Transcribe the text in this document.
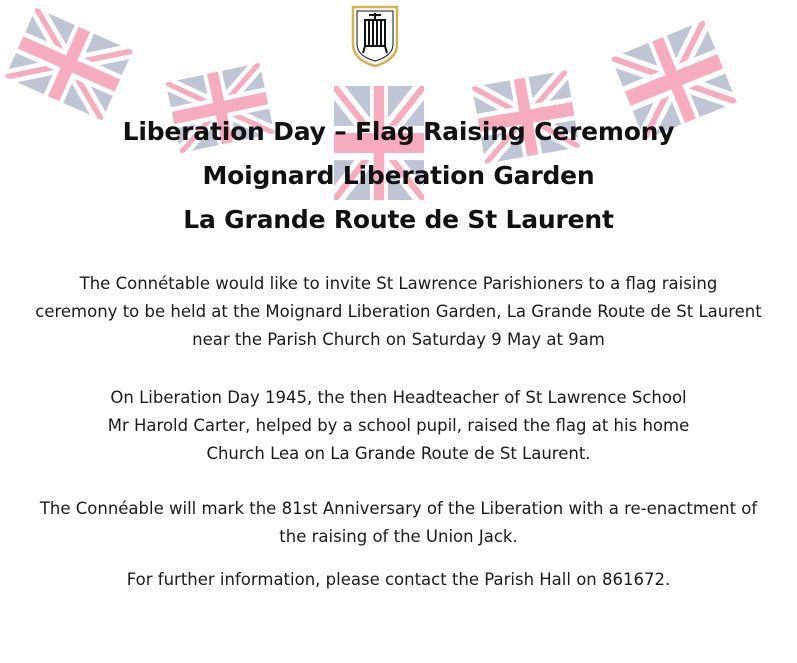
Liberation Day – Flag Raising Ceremony

Moignard Liberation Garden

La Grande Route de St Laurent

The Connétable would like to invite St Lawrence Parishioners to a flag raising
ceremony to be held at the Moignard Liberation Garden, La Grande Route de St Laurent
near the Parish Church on Saturday 9 May at 9am

On Liberation Day 1945, the then Headteacher of St Lawrence School
Mr Harold Carter, helped by a school pupil, raised the flag at his home
Church Lea on La Grande Route de St Laurent.

The Connéable will mark the 81st Anniversary of the Liberation with a re-enactment of
the raising of the Union Jack.

For further information, please contact the Parish Hall on 861672.
